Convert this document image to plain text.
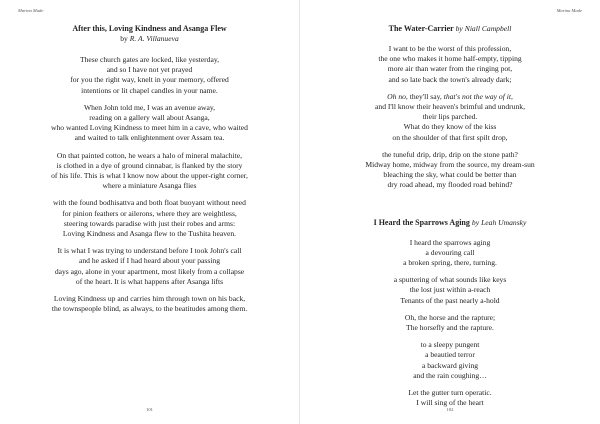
Marina Made

After this, Loving Kindness and Asanga Flew

by R. A. Villanueva

These church gates are locked, like yesterday,
and so I have not yet prayed
for you the right way, knelt in your memory, offered
intentions or lit chapel candles in your name.
When John told me, I was an avenue away,
reading on a gallery wall about Asanga,
who wanted Loving Kindness to meet him in a cave, who waited
and waited to talk enlightenment over Assam tea.
On that painted cotton, he wears a halo of mineral malachite,
is clothed in a dye of ground cinnabar, is flanked by the story
of his life. This is what I know now about the upper-right corner,
where a miniature Asanga flies
with the found bodhisattva and both float buoyant without need
for pinion feathers or ailerons, where they are weightless,
steering towards paradise with just their robes and arms:
Loving Kindness and Asanga flew to the Tushita heaven.
It is what I was trying to understand before I took John's call
and he asked if I had heard about your passing
days ago, alone in your apartment, most likely from a collapse
of the heart. It is what happens after Asanga lifts
Loving Kindness up and carries him through town on his back,
the townspeople blind, as always, to the beatitudes among them.
101
Marina Made

The Water-Carrier by Niall Campbell

I want to be the worst of this profession,
the one who makes it home half-empty, tipping
more air than water from the ringing pot,
and so late back the town's already dark;
Oh no, they'll say, that's not the way of it,
and I'll know their heaven's brimful and undrunk,
their lips parched.
What do they know of the kiss
on the shoulder of that first spilt drop,
the tuneful drip, drip, drip on the stone path?
Midway home, midway from the source, my dream-sun
bleaching the sky, what could be better than
dry road ahead, my flooded road behind?

I Heard the Sparrows Aging by Leah Umansky

I heard the sparrows aging
a devouring call
a broken spring, there, turning.
a sputtering of what sounds like keys
the lost just within a-reach
Tenants of the past nearly a-hold
Oh, the horse and the rapture;
The horsefly and the rapture.
to a sleepy pungent
a beautied terror
a backward giving
and the rain coughing…
Let the gutter turn operatic.
I will sing of the heart
102
